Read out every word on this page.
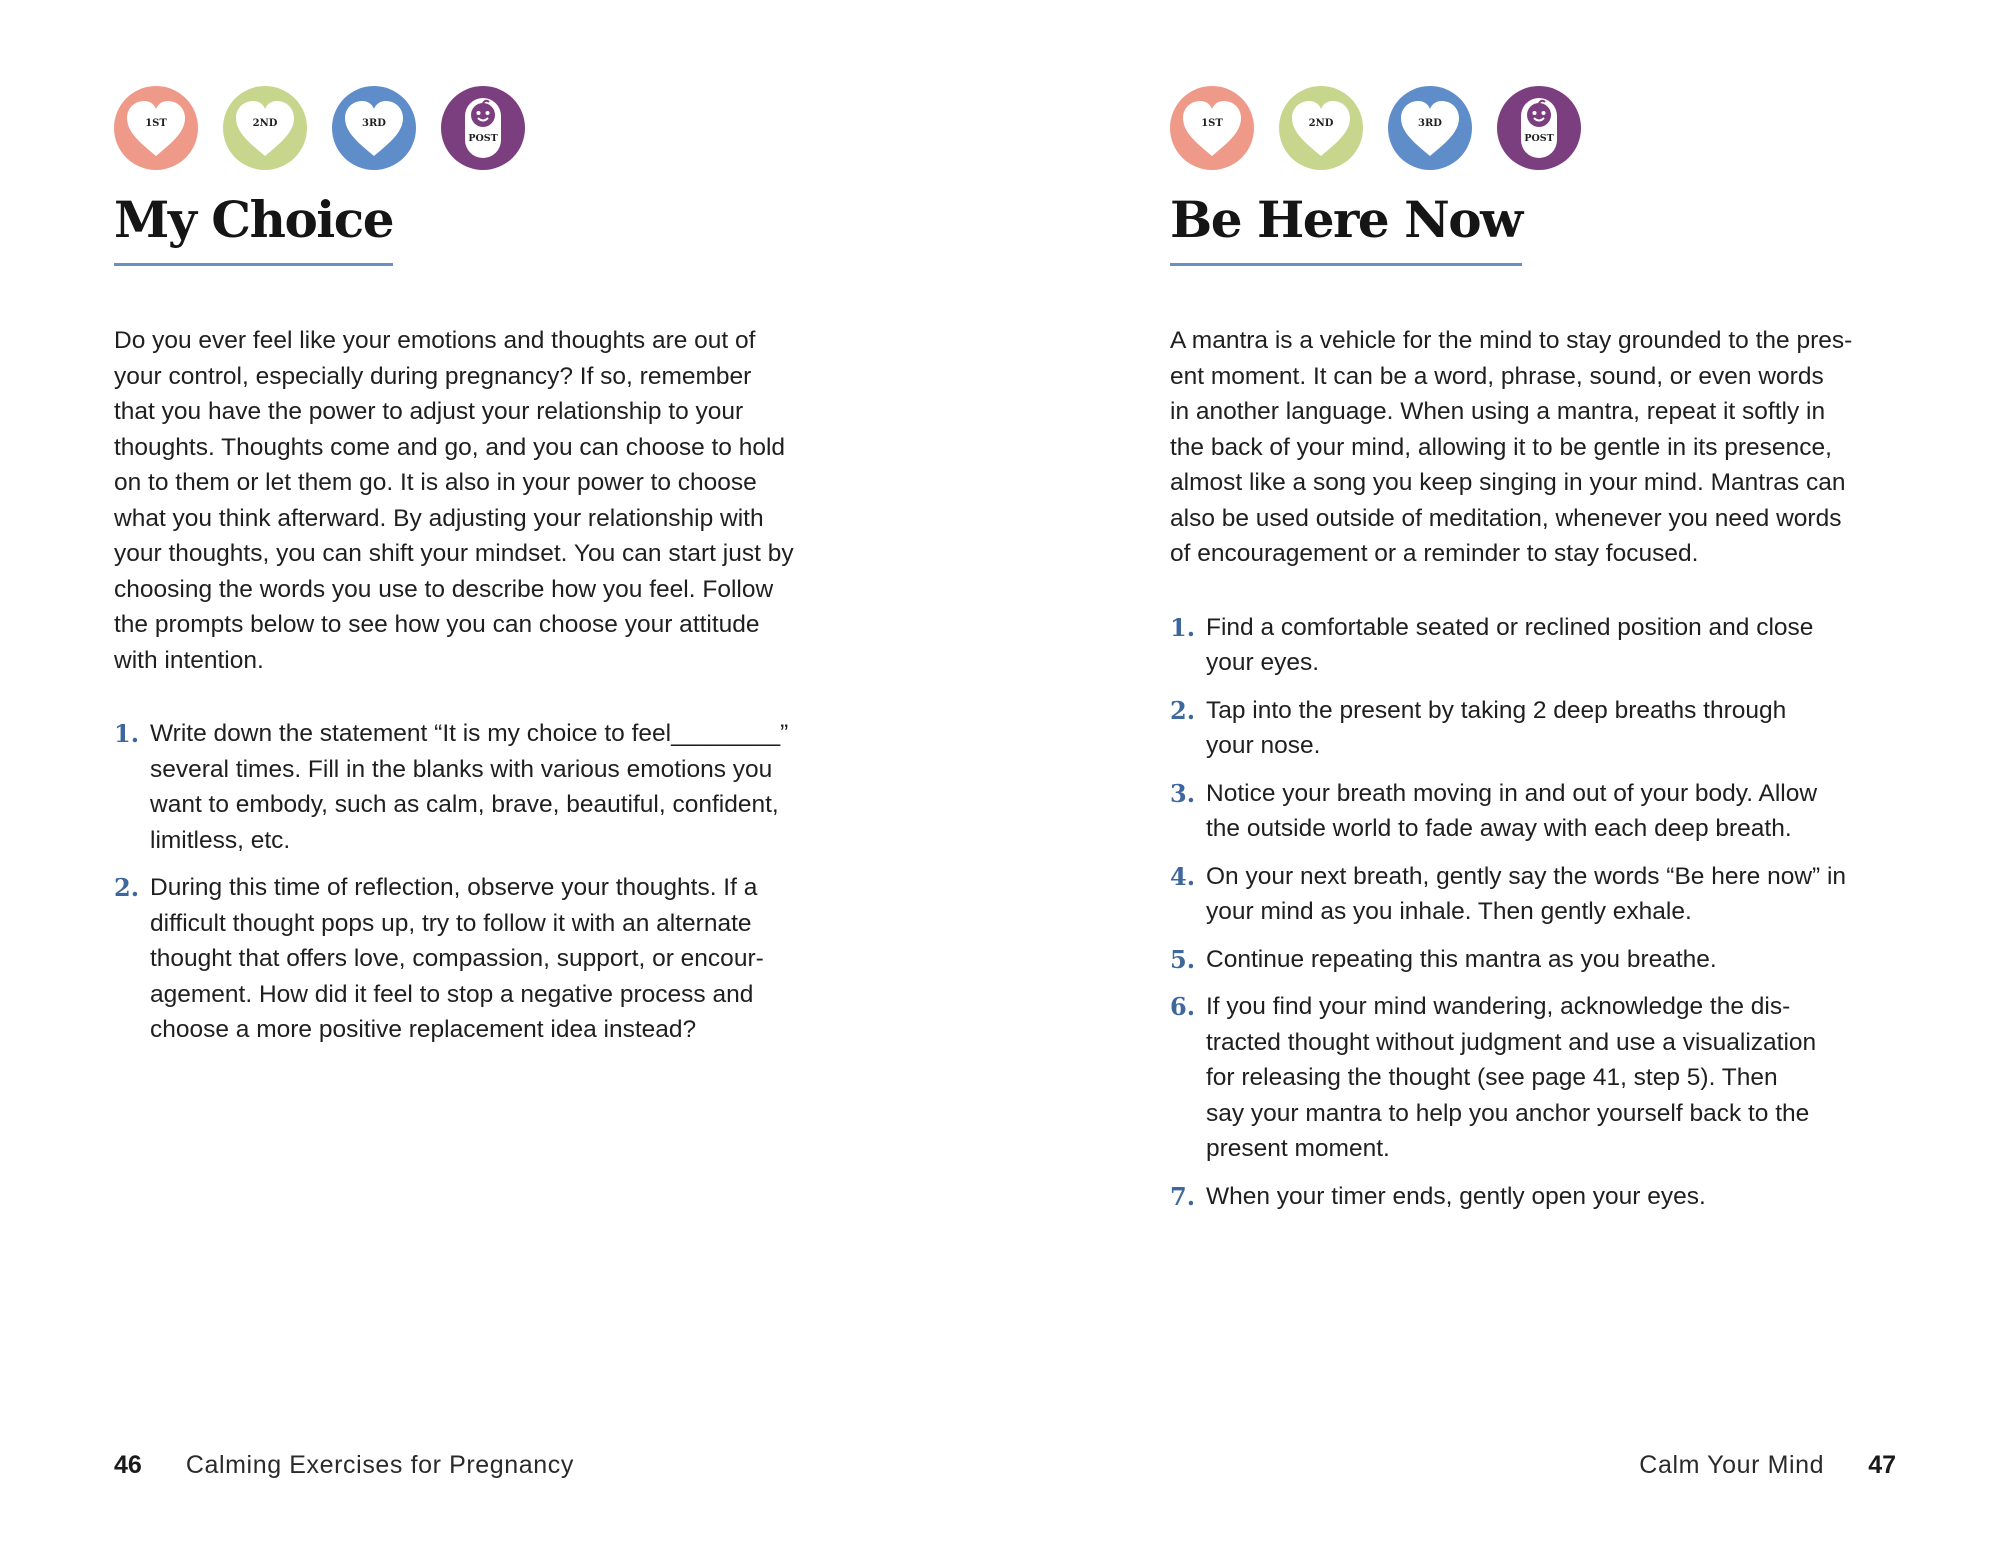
1ST	2ND	3RD
POST
My Choice

Do you ever feel like your emotions and thoughts are out of
your control, especially during pregnancy? If so, remember
that you have the power to adjust your relationship to your
thoughts. Thoughts come and go, and you can choose to hold
on to them or let them go. It is also in your power to choose
what you think afterward. By adjusting your relationship with
your thoughts, you can shift your mindset. You can start just by
choosing the words you use to describe how you feel. Follow
the prompts below to see how you can choose your attitude
with intention.

1. Write down the statement “It is my choice to feel________”
several times. Fill in the blanks with various emotions you
want to embody, such as calm, brave, beautiful, confident,
limitless, etc.
2. During this time of reflection, observe your thoughts. If a
difficult thought pops up, try to follow it with an alternate
thought that offers love, compassion, support, or encour-
agement. How did it feel to stop a negative process and
choose a more positive replacement idea instead?
46 Calming Exercises for Pregnancy
1ST	2ND	3RD
POST
Be Here Now

A mantra is a vehicle for the mind to stay grounded to the pres-
ent moment. It can be a word, phrase, sound, or even words
in another language. When using a mantra, repeat it softly in
the back of your mind, allowing it to be gentle in its presence,
almost like a song you keep singing in your mind. Mantras can
also be used outside of meditation, whenever you need words
of encouragement or a reminder to stay focused.

1. Find a comfortable seated or reclined position and close
your eyes.
2. Tap into the present by taking 2 deep breaths through
your nose.
3. Notice your breath moving in and out of your body. Allow
the outside world to fade away with each deep breath.
4. On your next breath, gently say the words “Be here now” in
your mind as you inhale. Then gently exhale.
5. Continue repeating this mantra as you breathe.
6. If you find your mind wandering, acknowledge the dis-
tracted thought without judgment and use a visualization
for releasing the thought (see page 41, step 5). Then
say your mantra to help you anchor yourself back to the
present moment.
7. When your timer ends, gently open your eyes.
Calm Your Mind 47
